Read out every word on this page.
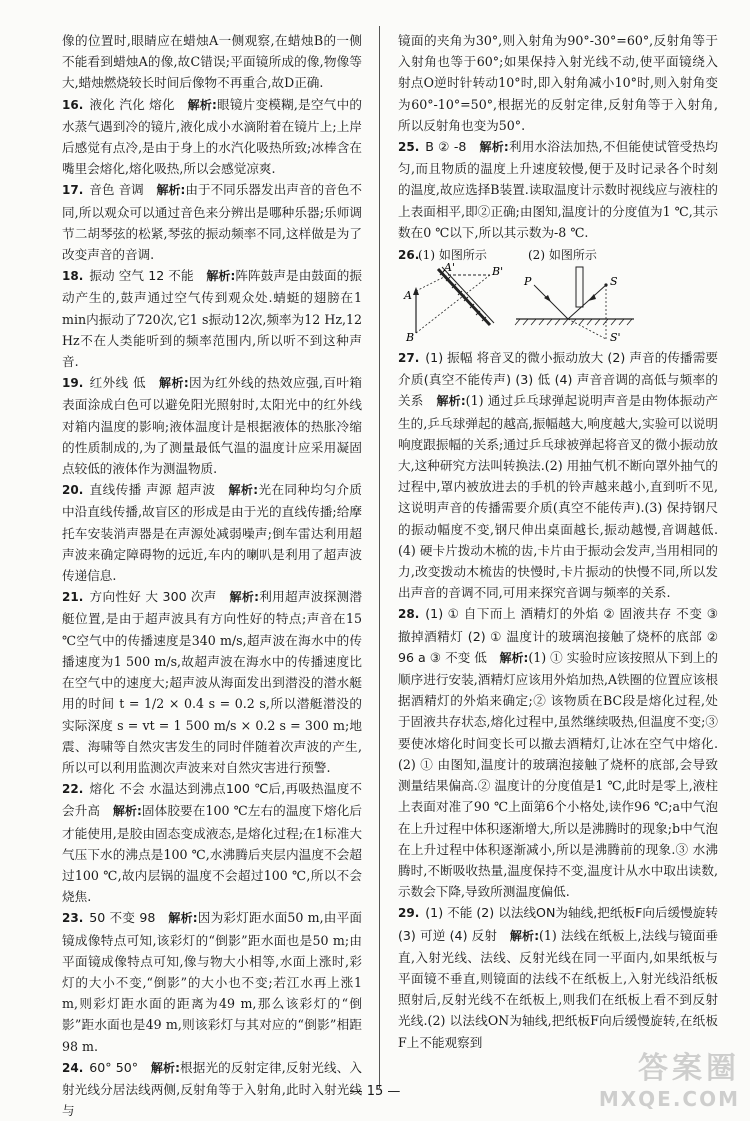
像的位置时,眼睛应在蜡烛A一侧观察,在蜡烛B的一侧不能看到蜡烛A的像,故C错误;平面镜所成的像,物像等大,蜡烛燃烧较长时间后像物不再重合,故D正确.
16. 液化 汽化 熔化　 解析:眼镜片变模糊,是空气中的水蒸气遇到冷的镜片,液化成小水滴附着在镜片上;上岸后感觉有点冷,是由于身上的水汽化吸热所致;冰棒含在嘴里会熔化,熔化吸热,所以会感觉凉爽.
17. 音色 音调　 解析:由于不同乐器发出声音的音色不同,所以观众可以通过音色来分辨出是哪种乐器;乐师调节二胡琴弦的松紧,琴弦的振动频率不同,这样做是为了改变声音的音调.
18. 振动 空气 12 不能　 解析:阵阵鼓声是由鼓面的振动产生的,鼓声通过空气传到观众处.蜻蜓的翅膀在1 min内振动了720次,它1 s振动12次,频率为12 Hz,12 Hz不在人类能听到的频率范围内,所以听不到这种声音.
19. 红外线 低　 解析:因为红外线的热效应强,百叶箱表面涂成白色可以避免阳光照射时,太阳光中的红外线对箱内温度的影响;液体温度计是根据液体的热胀冷缩的性质制成的,为了测量最低气温的温度计应采用凝固点较低的液体作为测温物质.
20. 直线传播 声源 超声波　 解析:光在同种均匀介质中沿直线传播,故盲区的形成是由于光的直线传播;给摩托车安装消声器是在声源处减弱噪声;倒车雷达利用超声波来确定障碍物的远近,车内的喇叭是利用了超声波传递信息.
21. 方向性好 大 300 次声　 解析:利用超声波探测潜艇位置,是由于超声波具有方向性好的特点;声音在15 ℃空气中的传播速度是340 m/s,超声波在海水中的传播速度为1 500 m/s,故超声波在海水中的传播速度比在空气中的速度大;超声波从海面发出到潜没的潜水艇用的时间 t = 1/2 × 0.4 s = 0.2 s,所以潜艇潜没的实际深度 s = vt = 1 500 m/s × 0.2 s = 300 m;地震、海啸等自然灾害发生的同时伴随着次声波的产生,所以可以利用监测次声波来对自然灾害进行预警.
22. 熔化 不会 水温达到沸点100 ℃后,再吸热温度不会升高　 解析:固体胶要在100 ℃左右的温度下熔化后才能使用,是胶由固态变成液态,是熔化过程;在1标准大气压下水的沸点是100 ℃,水沸腾后夹层内温度不会超过100 ℃,故内层锅的温度不会超过100 ℃,所以不会烧焦.
23. 50 不变 98　 解析:因为彩灯距水面50 m,由平面镜成像特点可知,该彩灯的“倒影”距水面也是50 m;由平面镜成像特点可知,像与物大小相等,水面上涨时,彩灯的大小不变,“倒影”的大小也不变;若江水再上涨1 m,则彩灯距水面的距离为49 m,那么该彩灯的“倒影”距水面也是49 m,则该彩灯与其对应的“倒影”相距98 m.
24. 60° 50°　 解析:根据光的反射定律,反射光线、入射光线分居法线两侧,反射角等于入射角,此时入射光线与
镜面的夹角为30°,则入射角为90°-30°=60°,反射角等于入射角也等于60°;如果保持入射光线不动,使平面镜绕入射点O逆时针转动10°时,即入射角减小10°时,则入射角变为60°-10°=50°,根据光的反射定律,反射角等于入射角,所以反射角也变为50°.
25. B ② -8　 解析:利用水浴法加热,不但能使试管受热均匀,而且物质的温度上升速度较慢,便于及时记录各个时刻的温度,故应选择B装置.读取温度计示数时视线应与液柱的上表面相平,即②正确;由图知,温度计的分度值为1 ℃,其示数在0 ℃以下,所以其示数为-8 ℃.
26.
(1) 如图所示	(2) 如图所示
A'	B'
A
B
P	S
S'
27. (1) 振幅 将音叉的微小振动放大 (2) 声音的传播需要介质(真空不能传声) (3) 低 (4) 声音音调的高低与频率的关系　 解析:(1) 通过乒乓球弹起说明声音是由物体振动产生的,乒乓球弹起的越高,振幅越大,响度越大,实验可以说明响度跟振幅的关系;通过乒乓球被弹起将音叉的微小振动放大,这种研究方法叫转换法.(2) 用抽气机不断向罩外抽气的过程中,罩内被放进去的手机的铃声越来越小,直到听不见,这说明声音的传播需要介质(真空不能传声).(3) 保持钢尺的振动幅度不变,钢尺伸出桌面越长,振动越慢,音调越低.(4) 硬卡片拨动木梳的齿,卡片由于振动会发声,当用相同的力,改变拨动木梳齿的快慢时,卡片振动的快慢不同,所以发出声音的音调不同,可用来探究音调与频率的关系.
28. (1) ① 自下而上 酒精灯的外焰 ② 固液共存 不变 ③ 撤掉酒精灯 (2) ① 温度计的玻璃泡接触了烧杯的底部 ② 96 a ③ 不变 低　 解析:(1) ① 实验时应该按照从下到上的顺序进行安装,酒精灯应该用外焰加热,A铁圈的位置应该根据酒精灯的外焰来确定;② 该物质在BC段是熔化过程,处于固液共存状态,熔化过程中,虽然继续吸热,但温度不变;③ 要使冰熔化时间变长可以撤去酒精灯,让冰在空气中熔化.(2) ① 由图知,温度计的玻璃泡接触了烧杯的底部,会导致测量结果偏高.② 温度计的分度值是1 ℃,此时是零上,液柱上表面对准了90 ℃上面第6个小格处,读作96 ℃;a中气泡在上升过程中体积逐渐增大,所以是沸腾时的现象;b中气泡在上升过程中体积逐渐减小,所以是沸腾前的现象.③ 水沸腾时,不断吸收热量,温度保持不变,温度计从水中取出读数,示数会下降,导致所测温度偏低.
29. (1) 不能 (2) 以法线ON为轴线,把纸板F向后缓慢旋转 (3) 可逆 (4) 反射　 解析:(1) 法线在纸板上,法线与镜面垂直,入射光线、法线、反射光线在同一平面内,如果纸板与平面镜不垂直,则镜面的法线不在纸板上,入射光线沿纸板照射后,反射光线不在纸板上,则我们在纸板上看不到反射光线.(2) 以法线ON为轴线,把纸板F向后缓慢旋转,在纸板F上不能观察到
— 15 —
答案圈
MXQE.COM
